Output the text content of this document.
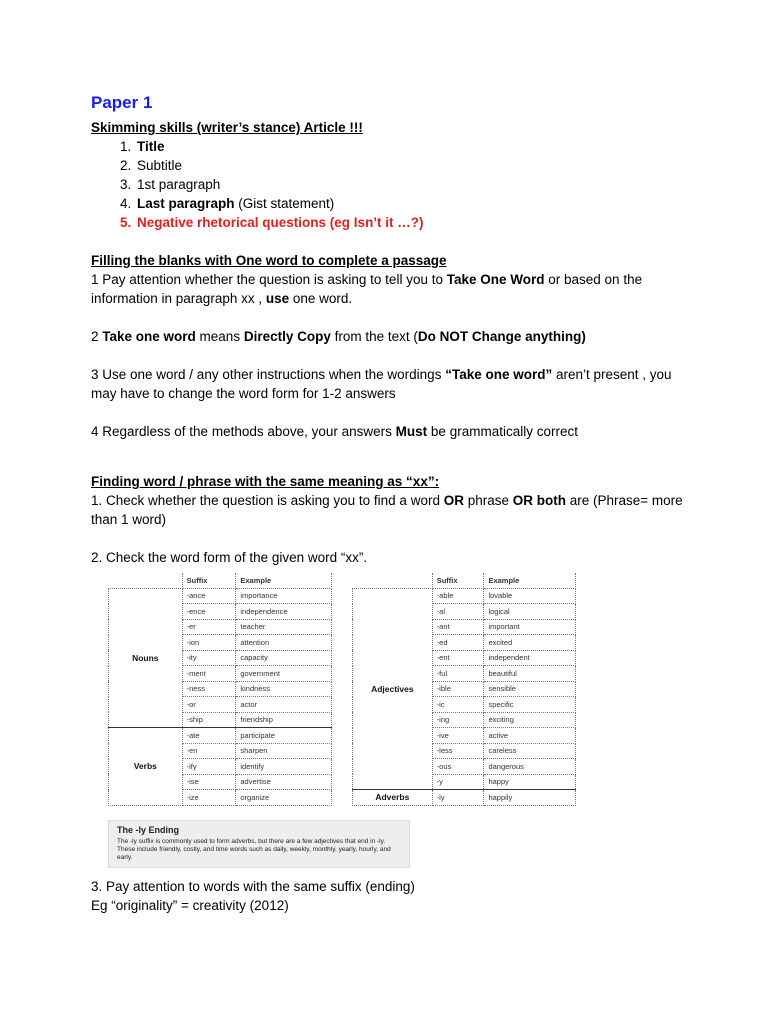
Paper 1
Skimming skills (writer’s stance) Article !!!
1. Title
2. Subtitle
3. 1st paragraph
4. Last paragraph (Gist statement)
5. Negative rhetorical questions (eg Isn’t it …?)
Filling the blanks with One word to complete a passage

1 Pay attention whether the question is asking to tell you to Take One Word or based on the information in paragraph xx , use one word.

2 Take one word means Directly Copy from the text (Do NOT Change anything)

3 Use one word / any other instructions when the wordings “Take one word” aren’t present , you may have to change the word form for 1-2 answers

4 Regardless of the methods above, your answers Must be grammatically correct

Finding word / phrase with the same meaning as “xx”:

1. Check whether the question is asking you to find a word OR phrase OR both are (Phrase= more than 1 word)

2. Check the word form of the given word “xx”.

	Suffix	Example
Nouns	-ance	importance
	-ence	independence
	-er	teacher
	-ion	attention
	-ity	capacity
	-ment	government
	-ness	kindness
	-or	actor
	-ship	friendship
Verbs	-ate	participate
	-en	sharpen
	-ify	identify
	-ise	advertise
	-ize	organize
	Suffix	Example
Adjectives	-able	lovable
	-al	logical
	-ant	important
	-ed	excited
	-ent	independent
	-ful	beautiful
	-ible	sensible
	-ic	specific
	-ing	exciting
	-ive	active
	-less	careless
	-ous	dangerous
	-y	happy
Adverbs	-ly	happily
The -ly Ending
The -ly suffix is commonly used to form adverbs, but there are a few adjectives that end in -ly. These include friendly, costly, and time words such as daily, weekly, monthly, yearly, hourly, and early.

3. Pay attention to words with the same suffix (ending)

Eg “originality” = creativity (2012)
